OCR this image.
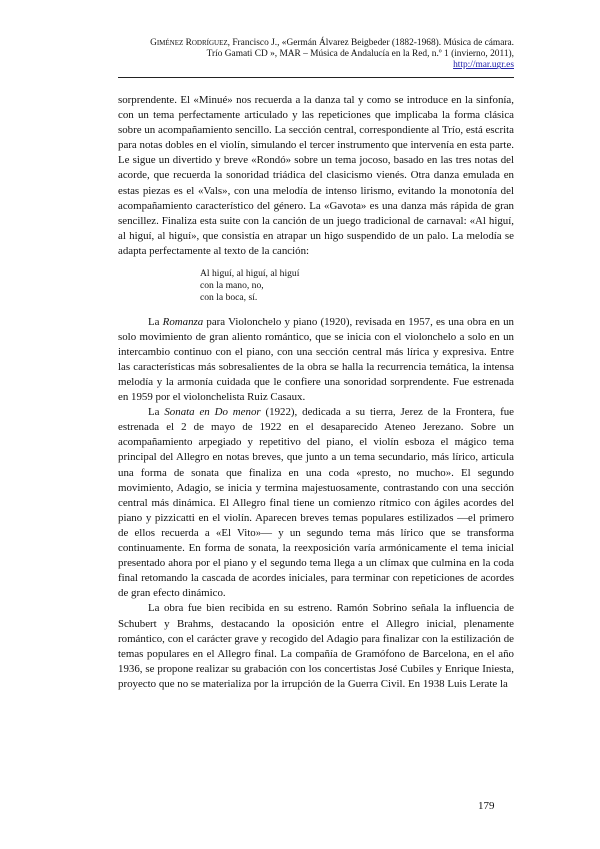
Giménez Rodríguez, Francisco J., «Germán Álvarez Beigbeder (1882-1968). Música de cámara.
Trío Gamati CD », MAR – Música de Andalucía en la Red, n.º 1 (invierno, 2011),
http://mar.ugr.es

sorprendente. El «Minué» nos recuerda a la danza tal y como se introduce en la sinfonía, con un tema perfectamente articulado y las repeticiones que implicaba la forma clásica sobre un acompañamiento sencillo. La sección central, correspondiente al Trío, está escrita para notas dobles en el violín, simulando el tercer instrumento que intervenía en esta parte. Le sigue un divertido y breve «Rondó» sobre un tema jocoso, basado en las tres notas del acorde, que recuerda la sonoridad triádica del clasicismo vienés. Otra danza emulada en estas piezas es el «Vals», con una melodía de intenso lirismo, evitando la monotonía del acompañamiento característico del género. La «Gavota» es una danza más rápida de gran sencillez. Finaliza esta suite con la canción de un juego tradicional de carnaval: «Al higuí, al higuí, al higuí», que consistía en atrapar un higo suspendido de un palo. La melodía se adapta perfectamente al texto de la canción:

Al higuí, al higuí, al higuí
con la mano, no,
con la boca, sí.

La Romanza para Violonchelo y piano (1920), revisada en 1957, es una obra en un solo movimiento de gran aliento romántico, que se inicia con el violonchelo a solo en un intercambio continuo con el piano, con una sección central más lírica y expresiva. Entre las características más sobresalientes de la obra se halla la recurrencia temática, la intensa melodía y la armonía cuidada que le confiere una sonoridad sorprendente. Fue estrenada en 1959 por el violonchelista Ruiz Casaux.

La Sonata en Do menor (1922), dedicada a su tierra, Jerez de la Frontera, fue estrenada el 2 de mayo de 1922 en el desaparecido Ateneo Jerezano. Sobre un acompañamiento arpegiado y repetitivo del piano, el violín esboza el mágico tema principal del Allegro en notas breves, que junto a un tema secundario, más lírico, articula una forma de sonata que finaliza en una coda «presto, no mucho». El segundo movimiento, Adagio, se inicia y termina majestuosamente, contrastando con una sección central más dinámica. El Allegro final tiene un comienzo rítmico con ágiles acordes del piano y pizzicatti en el violín. Aparecen breves temas populares estilizados —el primero de ellos recuerda a «El Vito»— y un segundo tema más lírico que se transforma continuamente. En forma de sonata, la reexposición varía armónicamente el tema inicial presentado ahora por el piano y el segundo tema llega a un clímax que culmina en la coda final retomando la cascada de acordes iniciales, para terminar con repeticiones de acordes de gran efecto dinámico.

La obra fue bien recibida en su estreno. Ramón Sobrino señala la influencia de Schubert y Brahms, destacando la oposición entre el Allegro inicial, plenamente romántico, con el carácter grave y recogido del Adagio para finalizar con la estilización de temas populares en el Allegro final. La compañía de Gramófono de Barcelona, en el año 1936, se propone realizar su grabación con los concertistas José Cubiles y Enrique Iniesta, proyecto que no se materializa por la irrupción de la Guerra Civil. En 1938 Luis Lerate la

179
